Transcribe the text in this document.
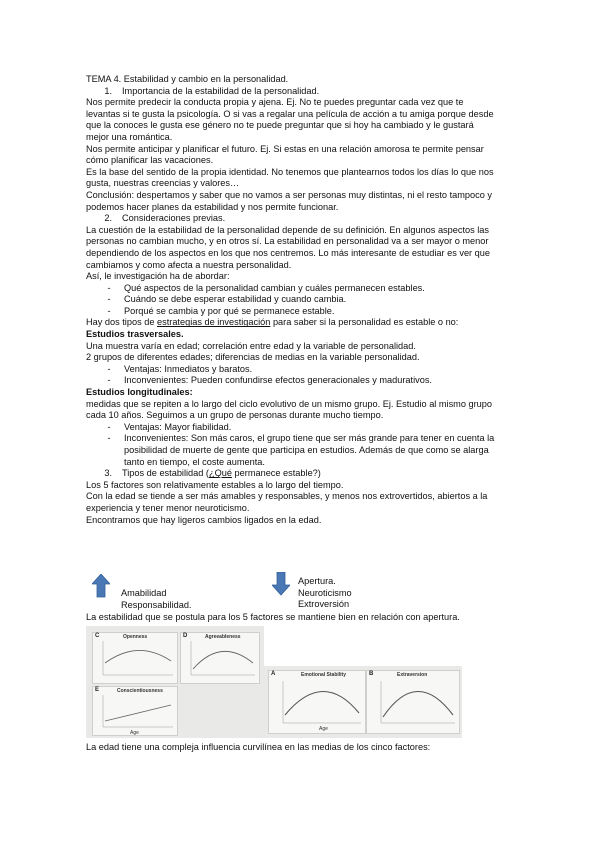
TEMA 4. Estabilidad y cambio en la personalidad.
1. Importancia de la estabilidad de la personalidad.
Nos permite predecir la conducta propia y ajena. Ej. No te puedes preguntar cada vez que te
levantas si te gusta la psicología. O si vas a regalar una película de acción a tu amiga porque desde
que la conoces le gusta ese género no te puede preguntar que si hoy ha cambiado y le gustará
mejor una romántica.
Nos permite anticipar y planificar el futuro. Ej. Si estas en una relación amorosa te permite pensar
cómo planificar las vacaciones.
Es la base del sentido de la propia identidad. No tenemos que plantearnos todos los días lo que nos
gusta, nuestras creencias y valores…
Conclusión: despertamos y saber que no vamos a ser personas muy distintas, ni el resto tampoco y
podemos hacer planes da estabilidad y nos permite funcionar.
2. Consideraciones previas.
La cuestión de la estabilidad de la personalidad depende de su definición. En algunos aspectos las
personas no cambian mucho, y en otros sí. La estabilidad en personalidad va a ser mayor o menor
dependiendo de los aspectos en los que nos centremos. Lo más interesante de estudiar es ver que
cambiamos y como afecta a nuestra personalidad.
Así, le investigación ha de abordar:
- Qué aspectos de la personalidad cambian y cuáles permanecen estables.
- Cuándo se debe esperar estabilidad y cuando cambia.
- Porqué se cambia y por qué se permanece estable.
Hay dos tipos de estrategias de investigación para saber si la personalidad es estable o no:
Estudios trasversales.
Una muestra varía en edad; correlación entre edad y la variable de personalidad.
2 grupos de diferentes edades; diferencias de medias en la variable personalidad.
- Ventajas: Inmediatos y baratos.
- Inconvenientes: Pueden confundirse efectos generacionales y madurativos.
Estudios longitudinales:
medidas que se repiten a lo largo del ciclo evolutivo de un mismo grupo. Ej. Estudio al mismo grupo
cada 10 años. Seguimos a un grupo de personas durante mucho tiempo.
- Ventajas: Mayor fiabilidad.
- Inconvenientes: Son más caros, el grupo tiene que ser más grande para tener en cuenta la
posibilidad de muerte de gente que participa en estudios. Además de que como se alarga
tanto en tiempo, el coste aumenta.
3. Tipos de estabilidad (¿Qué permanece estable?)
Los 5 factores son relativamente estables a lo largo del tiempo.
Con la edad se tiende a ser más amables y responsables, y menos nos extrovertidos, abiertos a la
experiencia y tener menor neuroticismo.
Encontramos que hay ligeros cambios ligados en la edad.
Amabilidad
Responsabilidad.
Apertura.
Neuroticismo
Extroversión
La estabilidad que se postula para los 5 factores se mantiene bien en relación con apertura.
C	Openness	D	Agreeableness
E	Conscientiousness
Age
A	Emotional Stability
Age
B	Extraversion
La edad tiene una compleja influencia curvilínea en las medias de los cinco factores:
